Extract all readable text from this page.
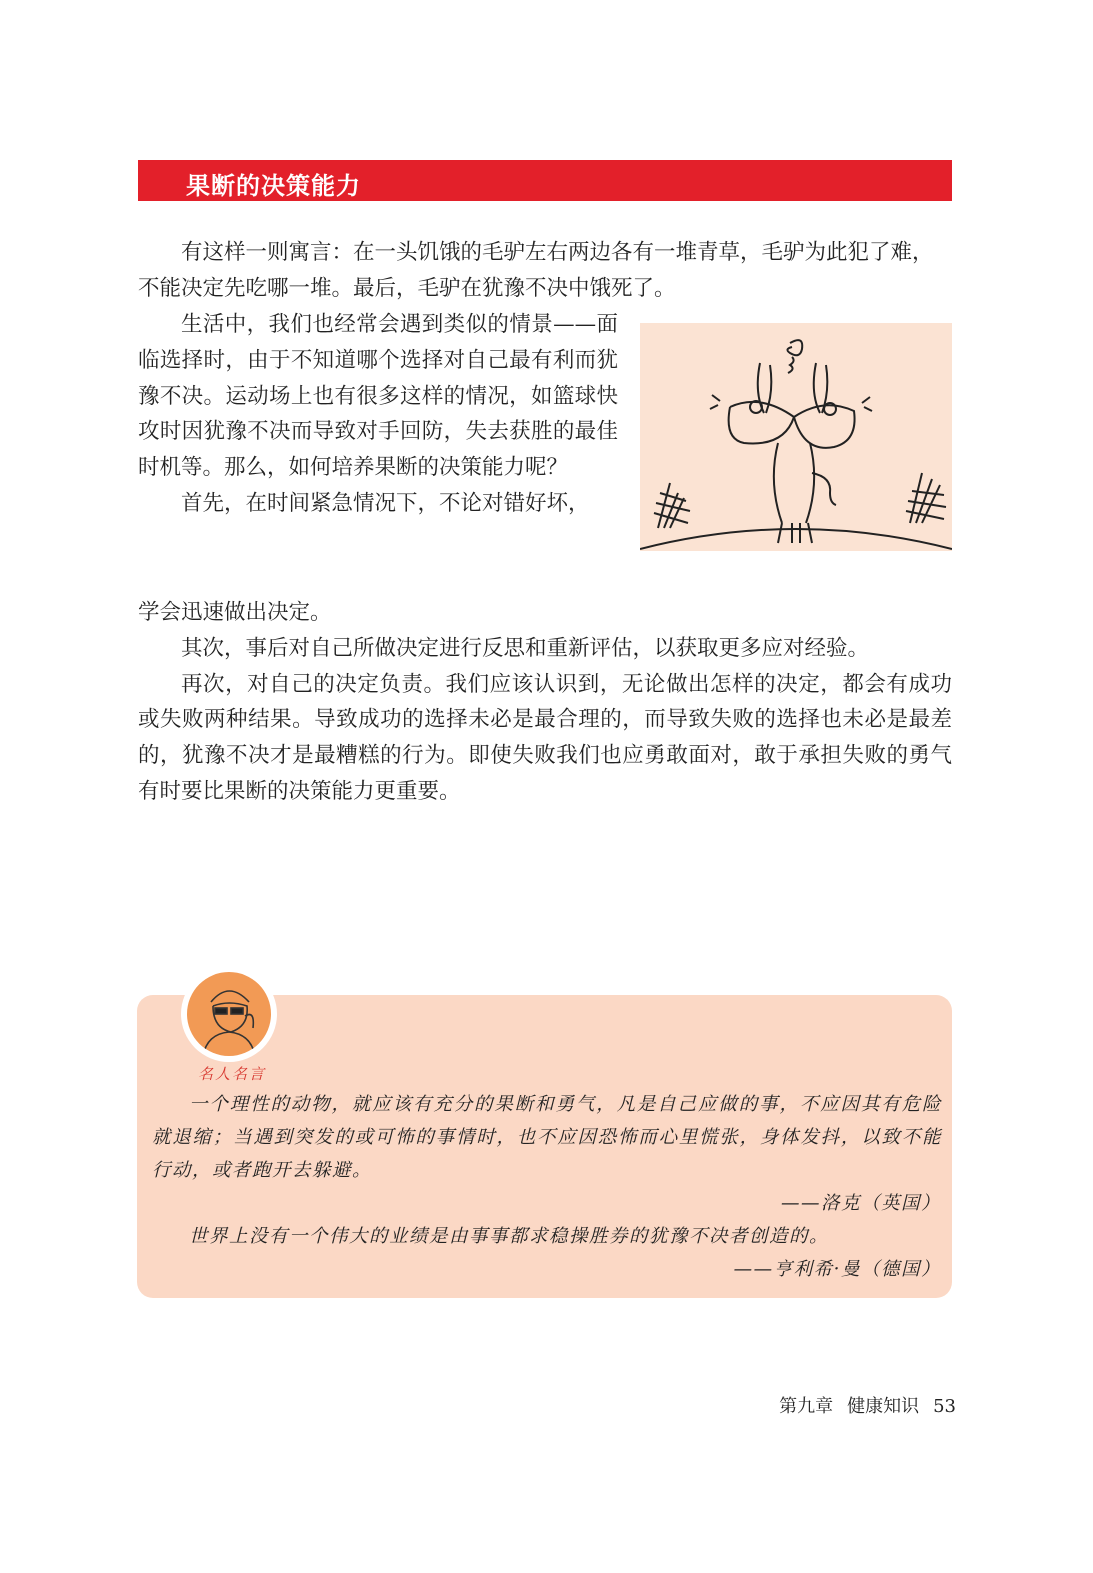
果断的决策能力

有这样一则寓言：在一头饥饿的毛驴左右两边各有一堆青草，毛驴为此犯了难，不能决定先吃哪一堆。最后，毛驴在犹豫不决中饿死了。

生活中，我们也经常会遇到类似的情景——面临选择时，由于不知道哪个选择对自己最有利而犹豫不决。运动场上也有很多这样的情况，如篮球快攻时因犹豫不决而导致对手回防，失去获胜的最佳时机等。那么，如何培养果断的决策能力呢？

首先，在时间紧急情况下，不论对错好坏，

学会迅速做出决定。

其次，事后对自己所做决定进行反思和重新评估，以获取更多应对经验。

再次，对自己的决定负责。我们应该认识到，无论做出怎样的决定，都会有成功或失败两种结果。导致成功的选择未必是最合理的，而导致失败的选择也未必是最差的，犹豫不决才是最糟糕的行为。即使失败我们也应勇敢面对，敢于承担失败的勇气有时要比果断的决策能力更重要。

名人名言
一个理性的动物，就应该有充分的果断和勇气，凡是自己应做的事，不应因其有危险就退缩；当遇到突发的或可怖的事情时，也不应因恐怖而心里慌张，身体发抖，以致不能行动，或者跑开去躲避。
——洛克（英国）
世界上没有一个伟大的业绩是由事事都求稳操胜券的犹豫不决者创造的。
——亨利希·曼（德国）
第九章 健康知识 53
